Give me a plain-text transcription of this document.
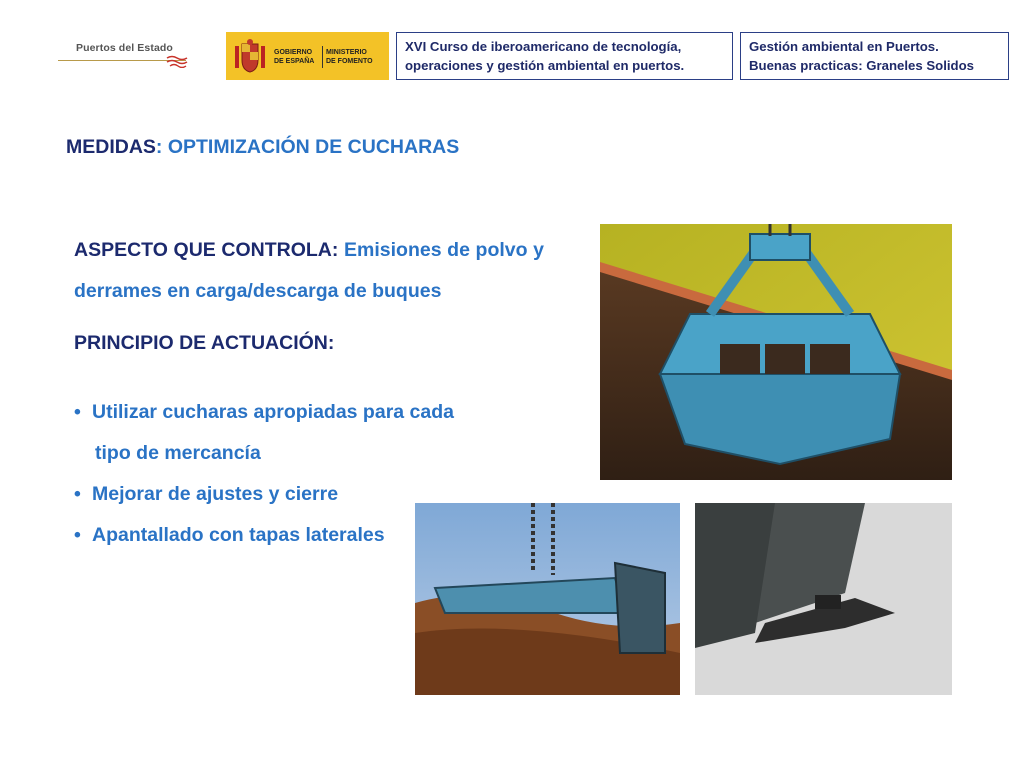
Puertos del Estado	GOBIERNO
DE ESPAÑA
MINISTERIO
DE FOMENTO
XVI Curso de iberoamericano de tecnología,
operaciones y gestión ambiental en puertos.
Gestión ambiental en Puertos.
Buenas practicas: Graneles Solidos
MEDIDAS: OPTIMIZACIÓN DE CUCHARAS
ASPECTO QUE CONTROLA: Emisiones de polvo y derrames en carga/descarga de buques
PRINCIPIO DE ACTUACIÓN:
• Utilizar cucharas apropiadas para cada
tipo de mercancía
• Mejorar de ajustes y cierre
• Apantallado con tapas laterales
